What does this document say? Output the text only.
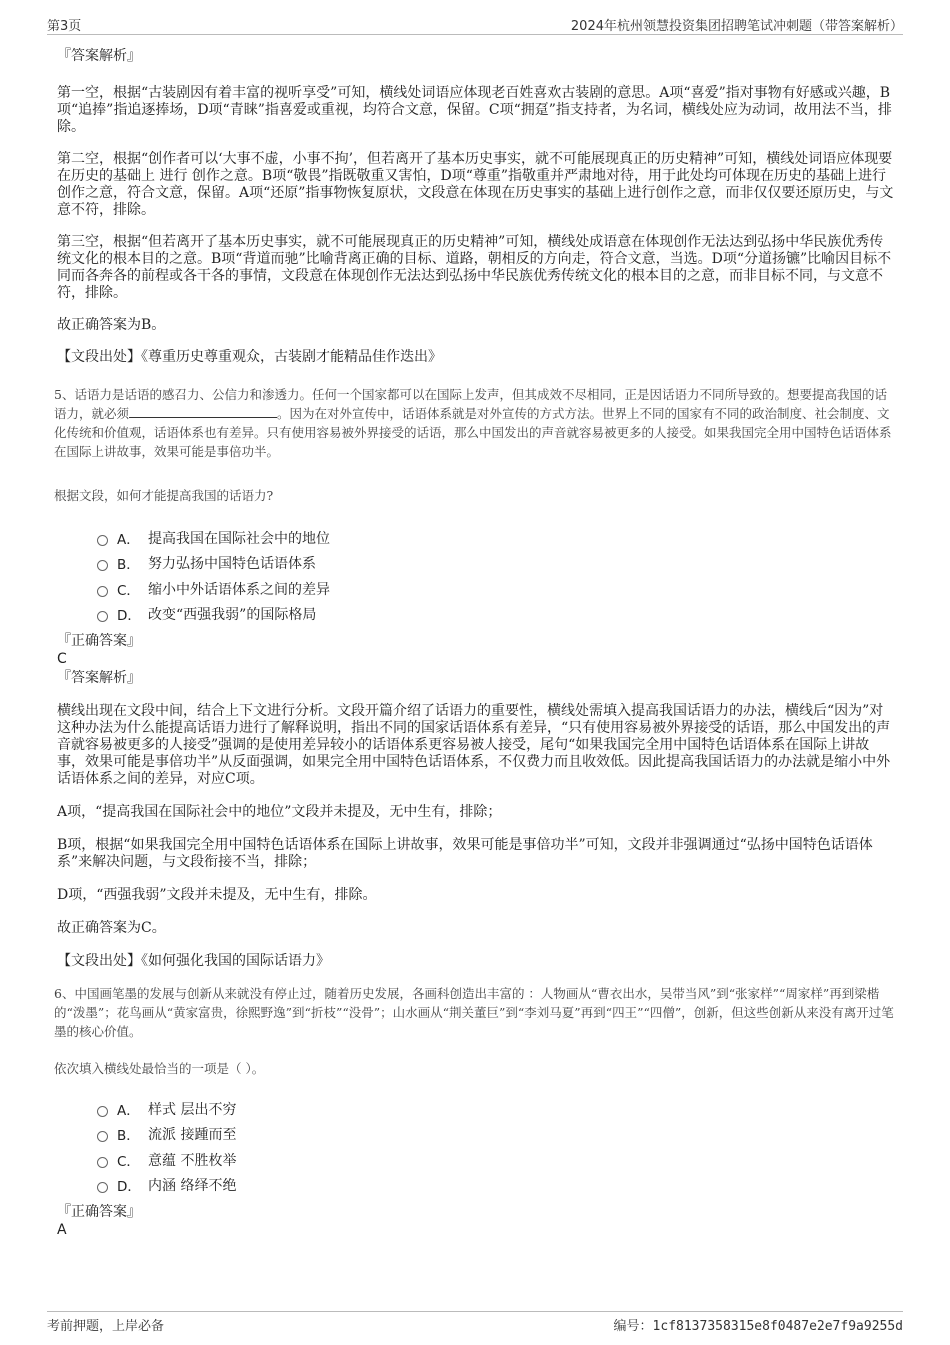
第3页	2024年杭州领慧投资集团招聘笔试冲刺题（带答案解析）

『答案解析』

第一空，根据“古装剧因有着丰富的视听享受”可知，横线处词语应体现老百姓喜欢古装剧的意思。A项“喜爱”指对事物有好感或兴趣，B项“追捧”指追逐捧场，D项“青睐”指喜爱或重视，均符合文意，保留。C项“拥趸”指支持者，为名词，横线处应为动词，故用法不当，排除。

第二空，根据“创作者可以‘大事不虚，小事不拘’，但若离开了基本历史事实，就不可能展现真正的历史精神”可知，横线处词语应体现要在历史的基础上 进行 创作之意。B项“敬畏”指既敬重又害怕，D项“尊重”指敬重并严肃地对待，用于此处均可体现在历史的基础上进行创作之意，符合文意，保留。A项“还原”指事物恢复原状，文段意在体现在历史事实的基础上进行创作之意，而非仅仅要还原历史，与文意不符，排除。

第三空，根据“但若离开了基本历史事实，就不可能展现真正的历史精神”可知，横线处成语意在体现创作无法达到弘扬中华民族优秀传统文化的根本目的之意。B项“背道而驰”比喻背离正确的目标、道路，朝相反的方向走，符合文意，当选。D项“分道扬镳”比喻因目标不同而各奔各的前程或各干各的事情，文段意在体现创作无法达到弘扬中华民族优秀传统文化的根本目的之意，而非目标不同，与文意不符，排除。

故正确答案为B。

【文段出处】《尊重历史尊重观众，古装剧才能精品佳作迭出》

5、话语力是话语的感召力、公信力和渗透力。任何一个国家都可以在国际上发声，但其成效不尽相同，正是因话语力不同所导致的。想要提高我国的话语力，就必须	。因为在对外宣传中，话语体系就是对外宣传的方式方法。世界上不同的国家有不同的政治制度、社会制度、文化传统和价值观，话语体系也有差异。只有使用容易被外界接受的话语，那么中国发出的声音就容易被更多的人接受。如果我国完全用中国特色话语体系在国际上讲故事，效果可能是事倍功半。

根据文段，如何才能提高我国的话语力?

A． 提高我国在国际社会中的地位
B． 努力弘扬中国特色话语体系
C． 缩小中外话语体系之间的差异
D． 改变“西强我弱”的国际格局

『正确答案』

C

『答案解析』

横线出现在文段中间，结合上下文进行分析。文段开篇介绍了话语力的重要性，横线处需填入提高我国话语力的办法，横线后“因为”对这种办法为什么能提高话语力进行了解释说明，指出不同的国家话语体系有差异，“只有使用容易被外界接受的话语，那么中国发出的声音就容易被更多的人接受”强调的是使用差异较小的话语体系更容易被人接受，尾句“如果我国完全用中国特色话语体系在国际上讲故事，效果可能是事倍功半”从反面强调，如果完全用中国特色话语体系，不仅费力而且收效低。因此提高我国话语力的办法就是缩小中外话语体系之间的差异，对应C项。

A项，“提高我国在国际社会中的地位”文段并未提及，无中生有，排除；

B项，根据“如果我国完全用中国特色话语体系在国际上讲故事，效果可能是事倍功半”可知，文段并非强调通过“弘扬中国特色话语体系”来解决问题，与文段衔接不当，排除；

D项，“西强我弱”文段并未提及，无中生有，排除。

故正确答案为C。

【文段出处】《如何强化我国的国际话语力》

6、中国画笔墨的发展与创新从来就没有停止过，随着历史发展，各画科创造出丰富的 ：人物画从“曹衣出水，吴带当风”到“张家样”“周家样”再到梁楷的“泼墨”；花鸟画从“黄家富贵，徐熙野逸”到“折枝”“没骨”；山水画从“荆关董巨”到“李刘马夏”再到“四王”“四僧”，创新，但这些创新从来没有离开过笔墨的核心价值。

依次填入横线处最恰当的一项是（ ）。

A． 样式 层出不穷
B． 流派 接踵而至
C． 意蕴 不胜枚举
D． 内涵 络绎不绝

『正确答案』

A

考前押题，上岸必备	编号：1cf8137358315e8f0487e2e7f9a9255d
